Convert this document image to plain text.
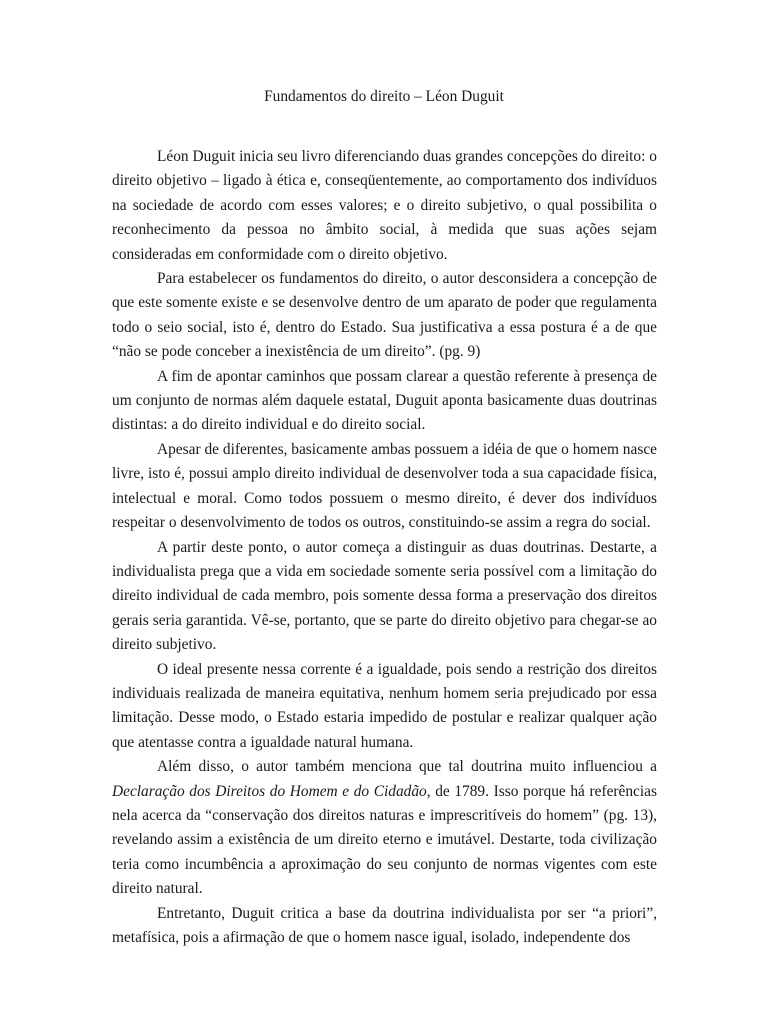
Fundamentos do direito – Léon Duguit

Léon Duguit inicia seu livro diferenciando duas grandes concepções do direito: o direito objetivo – ligado à ética e, conseqüentemente, ao comportamento dos indivíduos na sociedade de acordo com esses valores; e o direito subjetivo, o qual possibilita o reconhecimento da pessoa no âmbito social, à medida que suas ações sejam consideradas em conformidade com o direito objetivo.

Para estabelecer os fundamentos do direito, o autor desconsidera a concepção de que este somente existe e se desenvolve dentro de um aparato de poder que regulamenta todo o seio social, isto é, dentro do Estado. Sua justificativa a essa postura é a de que “não se pode conceber a inexistência de um direito”. (pg. 9)

A fim de apontar caminhos que possam clarear a questão referente à presença de um conjunto de normas além daquele estatal, Duguit aponta basicamente duas doutrinas distintas: a do direito individual e do direito social.

Apesar de diferentes, basicamente ambas possuem a idéia de que o homem nasce livre, isto é, possui amplo direito individual de desenvolver toda a sua capacidade física, intelectual e moral. Como todos possuem o mesmo direito, é dever dos indivíduos respeitar o desenvolvimento de todos os outros, constituindo-se assim a regra do social.

A partir deste ponto, o autor começa a distinguir as duas doutrinas. Destarte, a individualista prega que a vida em sociedade somente seria possível com a limitação do direito individual de cada membro, pois somente dessa forma a preservação dos direitos gerais seria garantida. Vê-se, portanto, que se parte do direito objetivo para chegar-se ao direito subjetivo.

O ideal presente nessa corrente é a igualdade, pois sendo a restrição dos direitos individuais realizada de maneira equitativa, nenhum homem seria prejudicado por essa limitação. Desse modo, o Estado estaria impedido de postular e realizar qualquer ação que atentasse contra a igualdade natural humana.

Além disso, o autor também menciona que tal doutrina muito influenciou a Declaração dos Direitos do Homem e do Cidadão, de 1789. Isso porque há referências nela acerca da “conservação dos direitos naturas e imprescritíveis do homem” (pg. 13), revelando assim a existência de um direito eterno e imutável. Destarte, toda civilização teria como incumbência a aproximação do seu conjunto de normas vigentes com este direito natural.

Entretanto, Duguit critica a base da doutrina individualista por ser “a priori”, metafísica, pois a afirmação de que o homem nasce igual, isolado, independente dos
